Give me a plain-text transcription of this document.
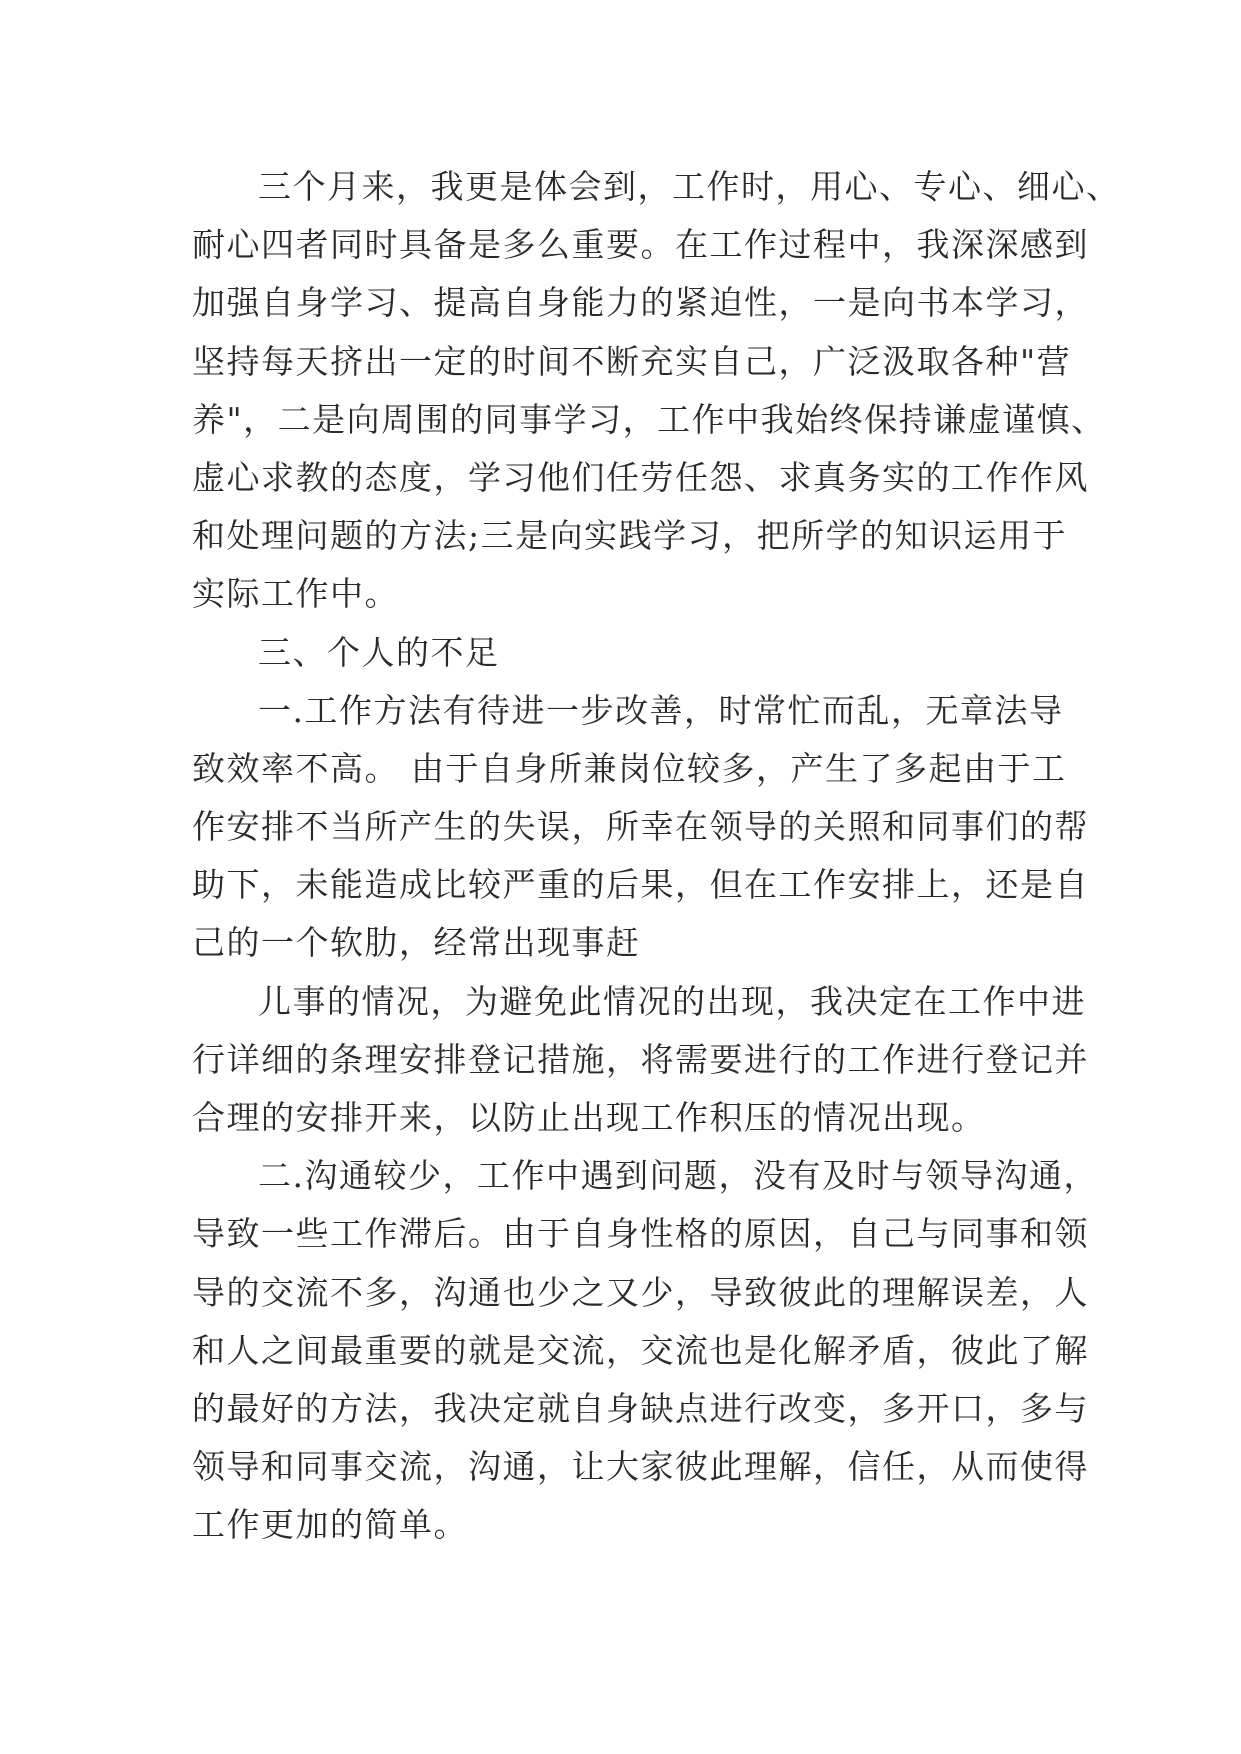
三个月来，我更是体会到，工作时，用心、专心、细心、
耐心四者同时具备是多么重要。在工作过程中，我深深感到
加强自身学习、提高自身能力的紧迫性，一是向书本学习，
坚持每天挤出一定的时间不断充实自己，广泛汲取各种"营
养"，二是向周围的同事学习，工作中我始终保持谦虚谨慎、
虚心求教的态度，学习他们任劳任怨、求真务实的工作作风
和处理问题的方法;三是向实践学习，把所学的知识运用于
实际工作中。
三、个人的不足
一.工作方法有待进一步改善，时常忙而乱，无章法导
致效率不高。 由于自身所兼岗位较多，产生了多起由于工
作安排不当所产生的失误，所幸在领导的关照和同事们的帮
助下，未能造成比较严重的后果，但在工作安排上，还是自
己的一个软肋，经常出现事赶
儿事的情况，为避免此情况的出现，我决定在工作中进
行详细的条理安排登记措施，将需要进行的工作进行登记并
合理的安排开来，以防止出现工作积压的情况出现。
二.沟通较少，工作中遇到问题，没有及时与领导沟通，
导致一些工作滞后。由于自身性格的原因，自己与同事和领
导的交流不多，沟通也少之又少，导致彼此的理解误差，人
和人之间最重要的就是交流，交流也是化解矛盾，彼此了解
的最好的方法，我决定就自身缺点进行改变，多开口，多与
领导和同事交流，沟通，让大家彼此理解，信任，从而使得
工作更加的简单。
